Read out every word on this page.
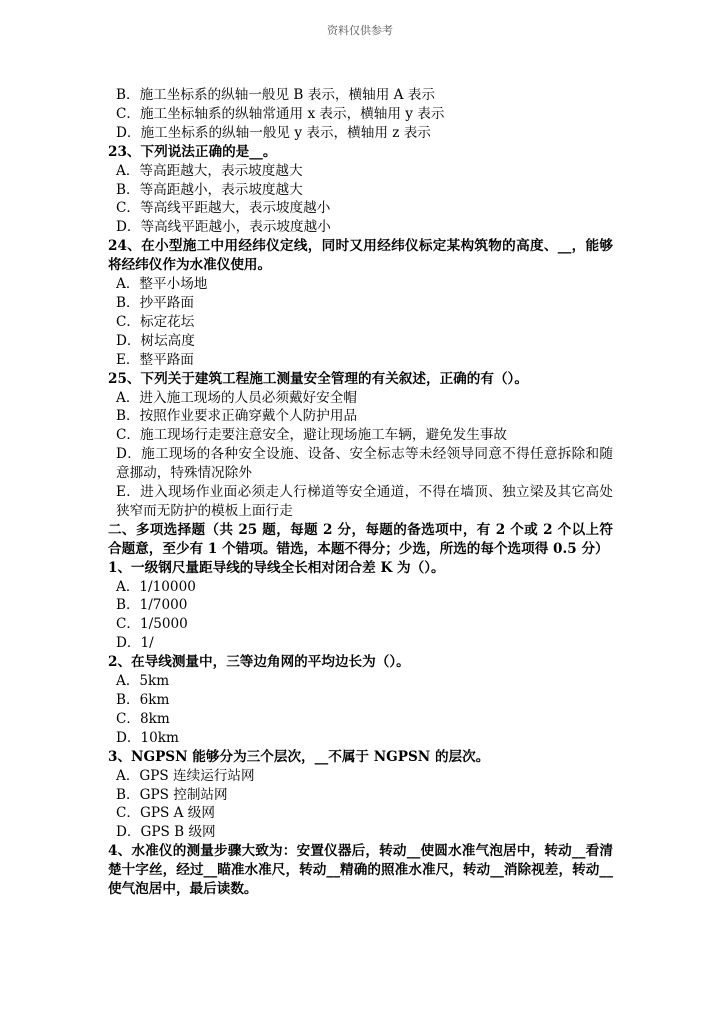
资料仅供参考
B．施工坐标系的纵轴一般见 B 表示，横轴用 A 表示
C．施工坐标轴系的纵轴常通用 x 表示，横轴用 y 表示
D．施工坐标系的纵轴一般见 y 表示，横轴用 z 表示
23、下列说法正确的是__。
A．等高距越大，表示坡度越大
B．等高距越小，表示坡度越大
C．等高线平距越大，表示坡度越小
D．等高线平距越小，表示坡度越小
24、在小型施工中用经纬仪定线，同时又用经纬仪标定某构筑物的高度、__，能够将经纬仪作为水准仪使用。
A．整平小场地
B．抄平路面
C．标定花坛
D．树坛高度
E．整平路面
25、下列关于建筑工程施工测量安全管理的有关叙述，正确的有（）。
A．进入施工现场的人员必须戴好安全帽
B．按照作业要求正确穿戴个人防护用品
C．施工现场行走要注意安全，避让现场施工车辆，避免发生事故
D．施工现场的各种安全设施、设备、安全标志等未经领导同意不得任意拆除和随意挪动，特殊情况除外
E．进入现场作业面必须走人行梯道等安全通道，不得在墙顶、独立梁及其它高处狭窄而无防护的模板上面行走
二、多项选择题（共 25 题，每题 2 分，每题的备选项中，有 2 个或 2 个以上符合题意，至少有 1 个错项。错选，本题不得分；少选，所选的每个选项得 0.5 分）
1、一级钢尺量距导线的导线全长相对闭合差 K 为（）。
A．1/10000
B．1/7000
C．1/5000
D．1/
2、在导线测量中，三等边角网的平均边长为（）。
A．5km
B．6km
C．8km
D．10km
3、NGPSN 能够分为三个层次，__不属于 NGPSN 的层次。
A．GPS 连续运行站网
B．GPS 控制站网
C．GPS A 级网
D．GPS B 级网
4、水准仪的测量步骤大致为：安置仪器后，转动__使圆水准气泡居中，转动__看清楚十字丝，经过__瞄准水准尺，转动__精确的照准水准尺，转动__消除视差，转动__使气泡居中，最后读数。
